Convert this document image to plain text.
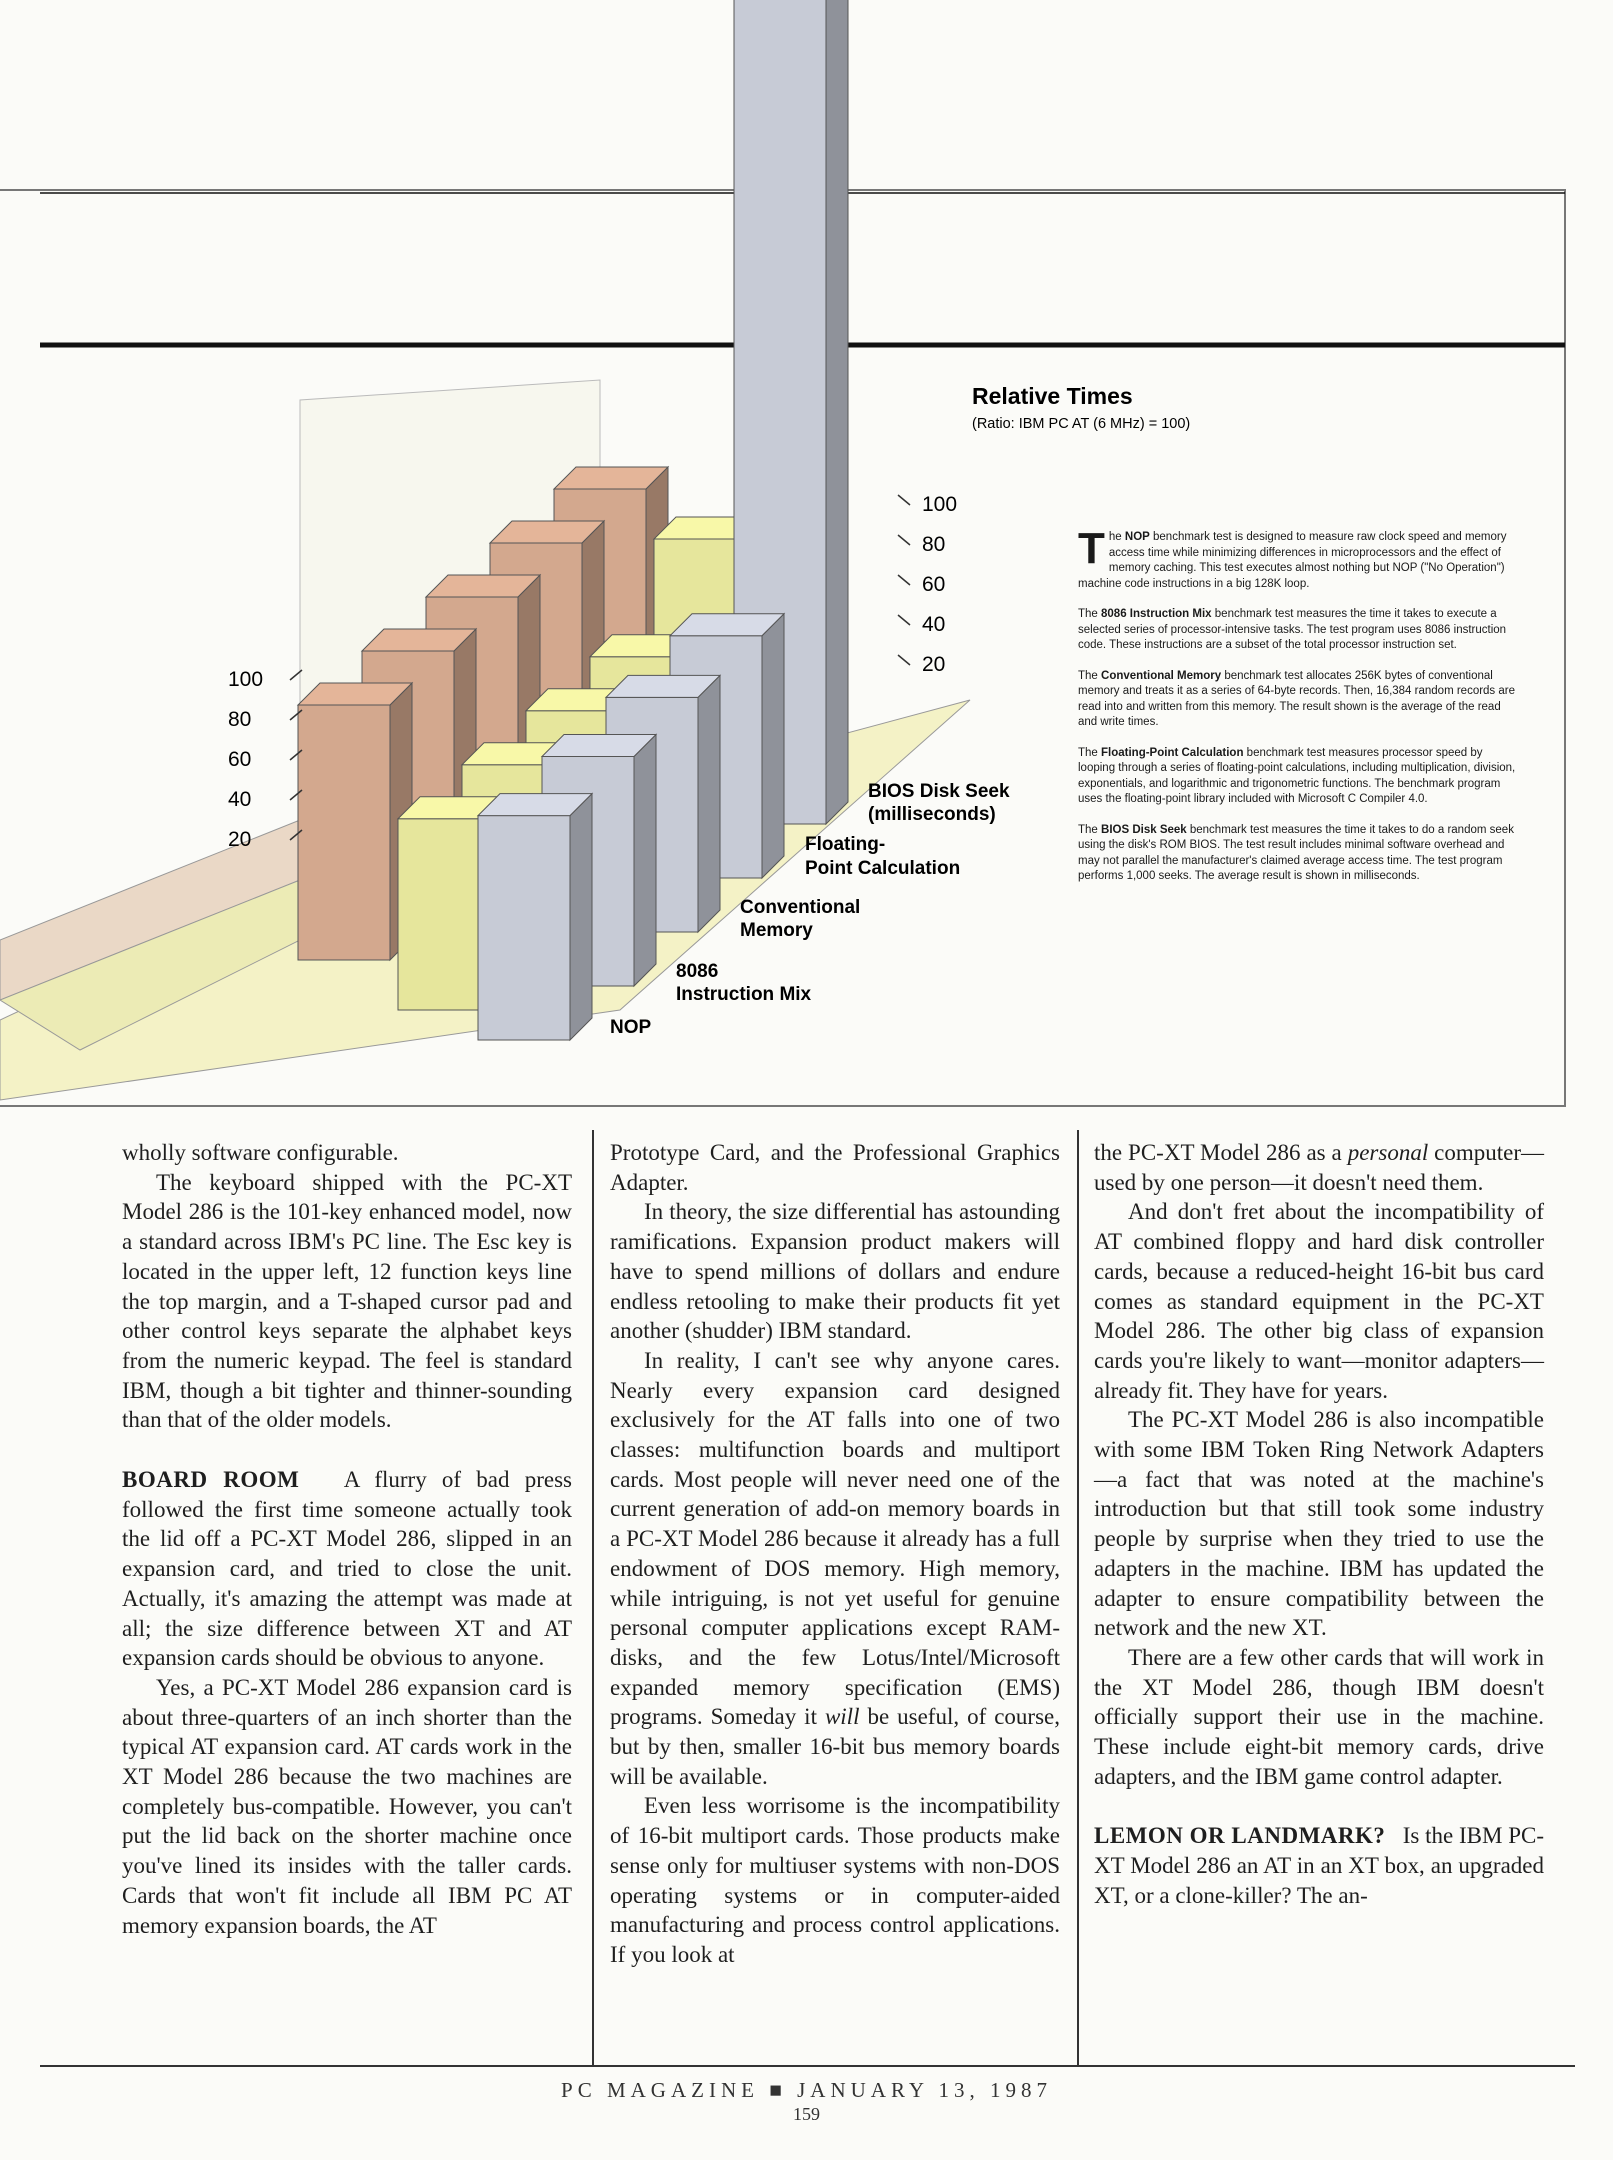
100
80
60
40
20
100
80
60
40
20
Relative Times
(Ratio: IBM PC AT (6 MHz) = 100)
NOP
8086
Instruction Mix
Conventional
Memory
Floating-
Point Calculation
BIOS Disk Seek
(milliseconds)

The NOP benchmark test is designed to measure raw clock speed and memory access time while minimizing differences in microprocessors and the effect of memory caching. This test executes almost nothing but NOP ("No Operation") machine code instructions in a big 128K loop.

The 8086 Instruction Mix benchmark test measures the time it takes to execute a selected series of processor-intensive tasks. The test program uses 8086 instruction code. These instructions are a subset of the total processor instruction set.

The Conventional Memory benchmark test allocates 256K bytes of conventional memory and treats it as a series of 64-byte records. Then, 16,384 random records are read into and written from this memory. The result shown is the average of the read and write times.

The Floating-Point Calculation benchmark test measures processor speed by looping through a series of floating-point calculations, including multiplication, division, exponentials, and logarithmic and trigonometric functions. The benchmark program uses the floating-point library included with Microsoft C Compiler 4.0.

The BIOS Disk Seek benchmark test measures the time it takes to do a random seek using the disk's ROM BIOS. The test result includes minimal software overhead and may not parallel the manufacturer's claimed average access time. The test program performs 1,000 seeks. The average result is shown in milliseconds.

wholly software configurable.

The keyboard shipped with the PC-XT Model 286 is the 101-key enhanced model, now a standard across IBM's PC line. The Esc key is located in the upper left, 12 function keys line the top margin, and a T-shaped cursor pad and other control keys separate the alphabet keys from the numeric keypad. The feel is standard IBM, though a bit tighter and thinner-sounding than that of the older models.

BOARD ROOM A flurry of bad press followed the first time someone actually took the lid off a PC-XT Model 286, slipped in an expansion card, and tried to close the unit. Actually, it's amazing the attempt was made at all; the size difference between XT and AT expansion cards should be obvious to anyone.

Yes, a PC-XT Model 286 expansion card is about three-quarters of an inch shorter than the typical AT expansion card. AT cards work in the XT Model 286 because the two machines are completely bus-compatible. However, you can't put the lid back on the shorter machine once you've lined its insides with the taller cards. Cards that won't fit include all IBM PC AT memory expansion boards, the AT

Prototype Card, and the Professional Graphics Adapter.

In theory, the size differential has astounding ramifications. Expansion product makers will have to spend millions of dollars and endure endless retooling to make their products fit yet another (shudder) IBM standard.

In reality, I can't see why anyone cares. Nearly every expansion card designed exclusively for the AT falls into one of two classes: multifunction boards and multiport cards. Most people will never need one of the current generation of add-on memory boards in a PC-XT Model 286 because it already has a full endowment of DOS memory. High memory, while intriguing, is not yet useful for genuine personal computer applications except RAM-disks, and the few Lotus/Intel/Microsoft expanded memory specification (EMS) programs. Someday it will be useful, of course, but by then, smaller 16-bit bus memory boards will be available.

Even less worrisome is the incompatibility of 16-bit multiport cards. Those products make sense only for multiuser systems with non-DOS operating systems or in computer-aided manufacturing and process control applications. If you look at

the PC-XT Model 286 as a personal computer—used by one person—it doesn't need them.

And don't fret about the incompatibility of AT combined floppy and hard disk controller cards, because a reduced-height 16-bit bus card comes as standard equipment in the PC-XT Model 286. The other big class of expansion cards you're likely to want—monitor adapters—already fit. They have for years.

The PC-XT Model 286 is also incompatible with some IBM Token Ring Network Adapters—a fact that was noted at the machine's introduction but that still took some industry people by surprise when they tried to use the adapters in the machine. IBM has updated the adapter to ensure compatibility between the network and the new XT.

There are a few other cards that will work in the XT Model 286, though IBM doesn't officially support their use in the machine. These include eight-bit memory cards, drive adapters, and the IBM game control adapter.

LEMON OR LANDMARK? Is the IBM PC-XT Model 286 an AT in an XT box, an upgraded XT, or a clone-killer? The an-

PC MAGAZINE ■ JANUARY 13, 1987
159
